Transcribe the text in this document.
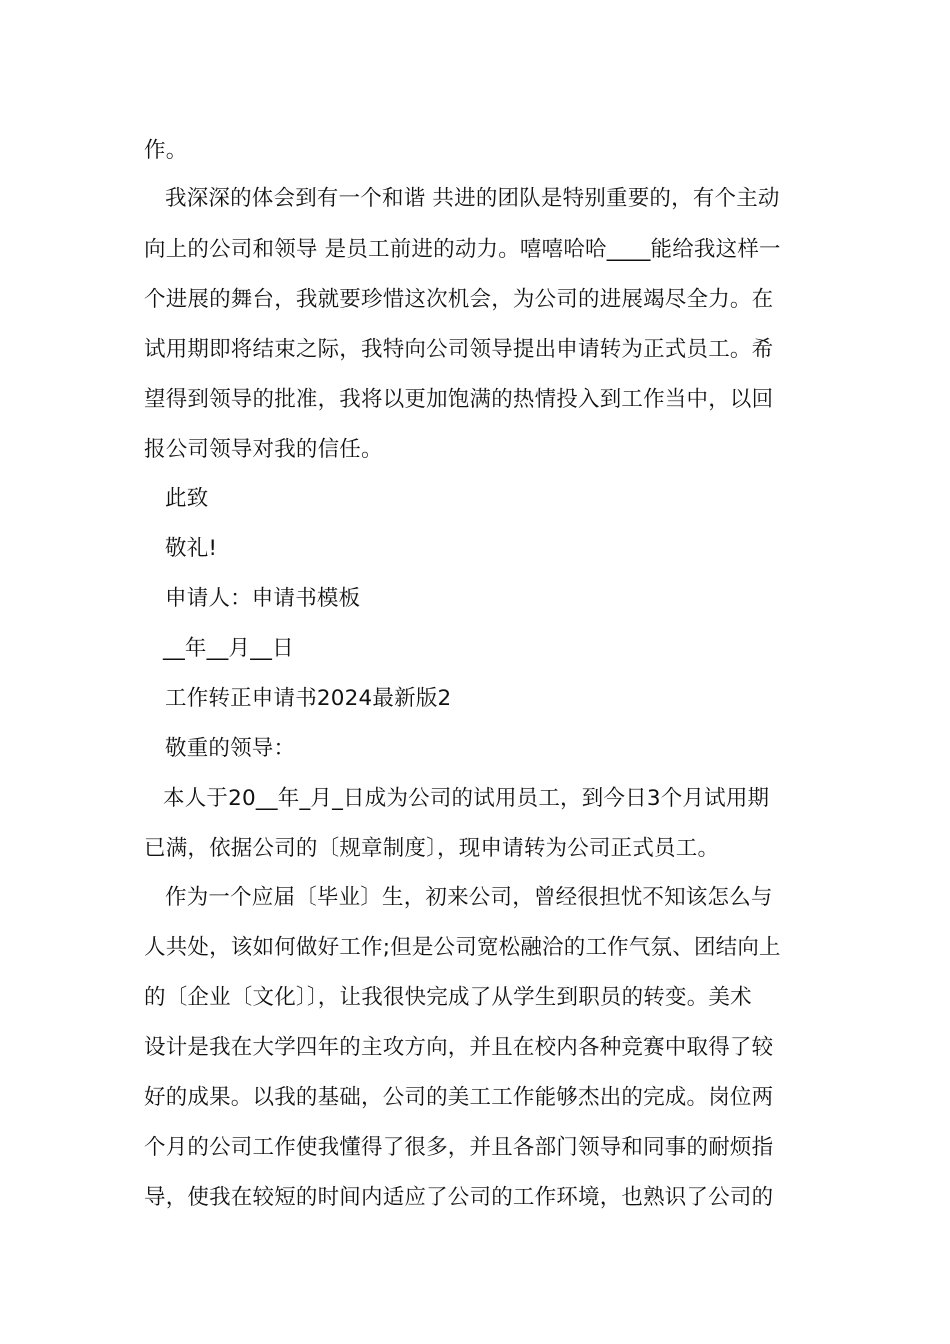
作。
我深深的体会到有一个和谐 共进的团队是特别重要的，有个主动
向上的公司和领导 是员工前进的动力。嘻嘻哈哈____能给我这样一
个进展的舞台，我就要珍惜这次机会，为公司的进展竭尽全力。在
试用期即将结束之际，我特向公司领导提出申请转为正式员工。希
望得到领导的批准，我将以更加饱满的热情投入到工作当中，以回
报公司领导对我的信任。
此致
敬礼!
申请人：申请书模板
__年__月__日
工作转正申请书2024最新版2
敬重的领导：
本人于20__年_月_日成为公司的试用员工，到今日3个月试用期
已满，依据公司的〔规章制度〕，现申请转为公司正式员工。
作为一个应届〔毕业〕生，初来公司，曾经很担忧不知该怎么与
人共处，该如何做好工作;但是公司宽松融洽的工作气氛、团结向上
的〔企业〔文化〕〕，让我很快完成了从学生到职员的转变。美术
设计是我在大学四年的主攻方向，并且在校内各种竞赛中取得了较
好的成果。以我的基础，公司的美工工作能够杰出的完成。岗位两
个月的公司工作使我懂得了很多，并且各部门领导和同事的耐烦指
导，使我在较短的时间内适应了公司的工作环境，也熟识了公司的
